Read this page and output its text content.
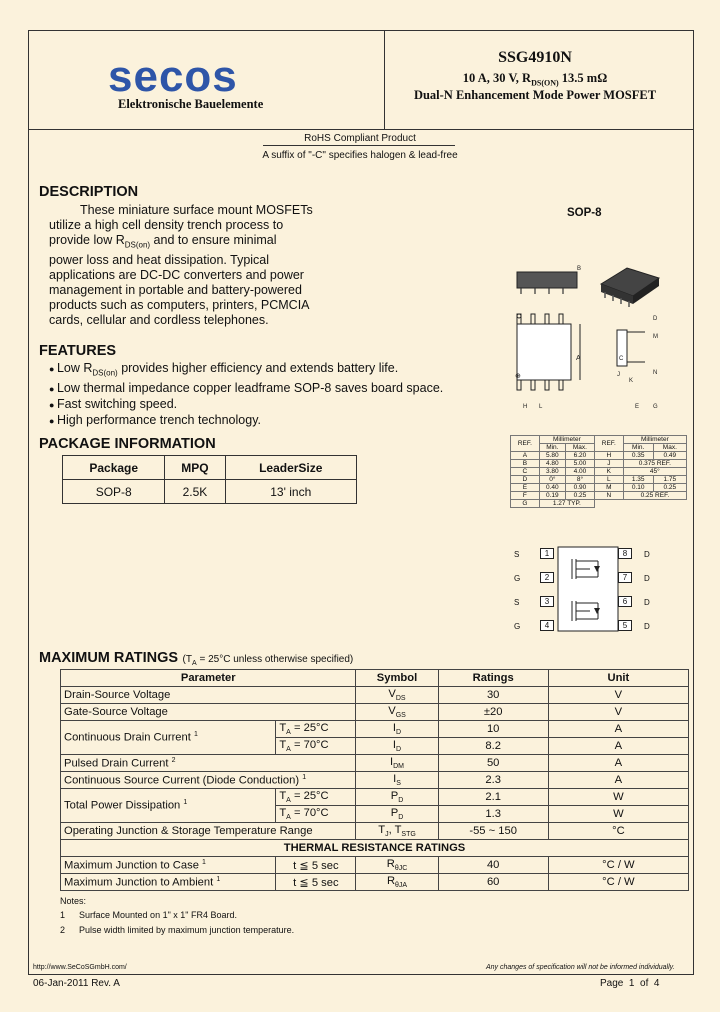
secos
Elektronische Bauelemente
SSG4910N
10 A, 30 V, $R_{DS(ON)}$ 13.5 mΩ
Dual-N Enhancement Mode Power MOSFET
RoHS Compliant Product
A suffix of "-C" specifies halogen & lead-free
DESCRIPTION
These miniature surface mount MOSFETs
utilize a high cell density trench process to
provide low $R_{DS(on)}$ and to ensure minimal
power loss and heat dissipation. Typical
applications are DC-DC converters and power
management in portable and battery-powered
products such as computers, printers, PCMCIA
cards, cellular and cordless telephones.
FEATURES
● Low $R_{DS(on)}$ provides higher efficiency and extends battery life.
● Low thermal impedance copper leadframe SOP-8 saves board space.
● Fast switching speed.
● High performance trench technology.
PACKAGE INFORMATION
Package	MPQ	LeaderSize
SOP-8	2.5K	13' inch
SOP-8
B
⊕
A
D
M
C
N
H L
J
K
E G
REF.	Millimeter		REF.	Millimeter	
	Min.	Max.		Min.	Max.
A	5.80	6.20	H	0.35	0.49
B	4.80	5.00	J	0.375 REF.	
C	3.80	4.00	K	45°	
D	0°	8°	L	1.35	1.75
E	0.40	0.90	M	0.10	0.25
F	0.19	0.25	N	0.25 REF.	
G	1.27 TYP.				
S	1
G	2
S	3
G	4
8	D
7	D
6	D
5	D
MAXIMUM RATINGS ($T_A = 25^\circ C$ unless otherwise specified)
Parameter		Symbol	Ratings	Unit
Drain-Source Voltage		$V_{DS}$	30	V
Gate-Source Voltage		$V_{GS}$	±20	V
Continuous Drain Current $^1$	$T_A = 25^\circ C$	$I_D$	10	A
	$T_A = 70^\circ C$	$I_D$	8.2	A
Pulsed Drain Current $^2$		$I_{DM}$	50	A
Continuous Source Current (Diode Conduction) $^1$		$I_S$	2.3	A
Total Power Dissipation $^1$	$T_A = 25^\circ C$	$P_D$	2.1	W
	$T_A = 70^\circ C$	$P_D$	1.3	W
Operating Junction & Storage Temperature Range		$T_J$, $T_{STG}$	-55 ~ 150	°C
THERMAL RESISTANCE RATINGS				
Maximum Junction to Case $^1$	t ≦ 5 sec	$R_{\theta JC}$	40	°C / W
Maximum Junction to Ambient $^1$	t ≦ 5 sec	$R_{\theta JA}$	60	°C / W
Notes:
1 Surface Mounted on 1" x 1" FR4 Board.
2 Pulse width limited by maximum junction temperature.
http://www.SeCoSGmbH.com/	Any changes of specification will not be informed individually.
06-Jan-2011 Rev. A	Page  1  of  4
